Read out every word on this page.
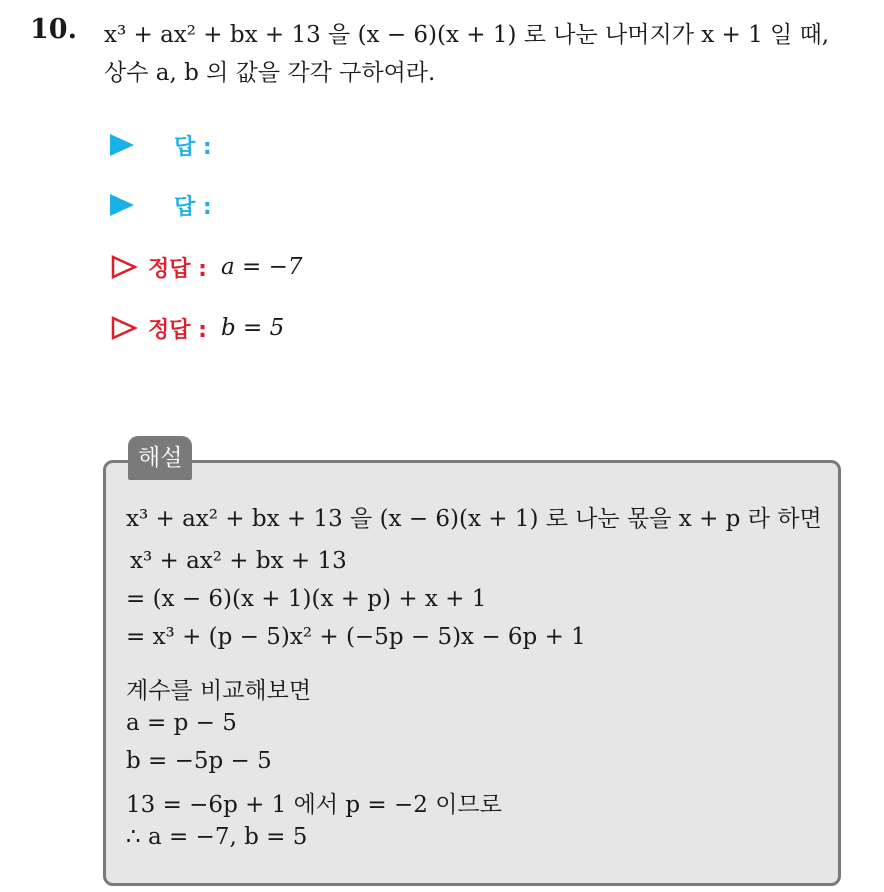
10. x³ + ax² + bx + 13 을 (x − 6)(x + 1) 로 나눈 나머지가 x + 1 일 때,
상수 a, b 의 값을 각각 구하여라.
답 :
답 :
정답 : a = −7
정답 : b = 5
해설
x³ + ax² + bx + 13 을 (x − 6)(x + 1) 로 나눈 몫을 x + p 라 하면
x³ + ax² + bx + 13
= (x − 6)(x + 1)(x + p) + x + 1
= x³ + (p − 5)x² + (−5p − 5)x − 6p + 1
계수를 비교해보면
a = p − 5
b = −5p − 5
13 = −6p + 1 에서 p = −2 이므로
∴ a = −7, b = 5
